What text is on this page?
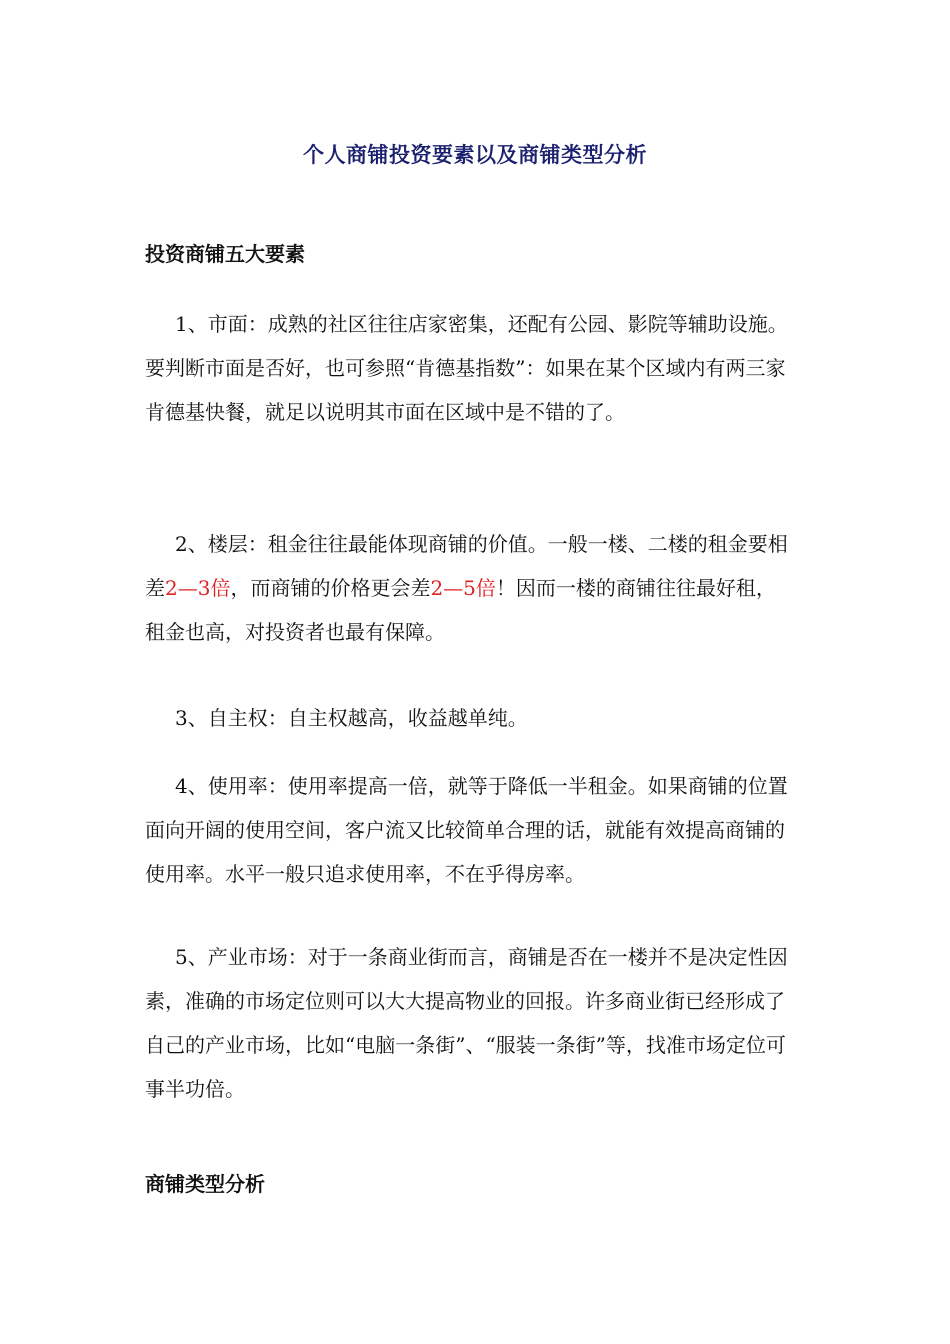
个人商铺投资要素以及商铺类型分析
投资商铺五大要素

1、市面：成熟的社区往往店家密集，还配有公园、影院等辅助设施。要判断市面是否好，也可参照“肯德基指数”：如果在某个区域内有两三家肯德基快餐，就足以说明其市面在区域中是不错的了。

2、楼层：租金往往最能体现商铺的价值。一般一楼、二楼的租金要相差2—3倍，而商铺的价格更会差2—5倍！因而一楼的商铺往往最好租，租金也高，对投资者也最有保障。

3、自主权：自主权越高，收益越单纯。

4、使用率：使用率提高一倍，就等于降低一半租金。如果商铺的位置面向开阔的使用空间，客户流又比较简单合理的话，就能有效提高商铺的使用率。水平一般只追求使用率，不在乎得房率。

5、产业市场：对于一条商业街而言，商铺是否在一楼并不是决定性因素，准确的市场定位则可以大大提高物业的回报。许多商业街已经形成了自己的产业市场，比如“电脑一条街”、“服装一条街”等，找准市场定位可事半功倍。

商铺类型分析
